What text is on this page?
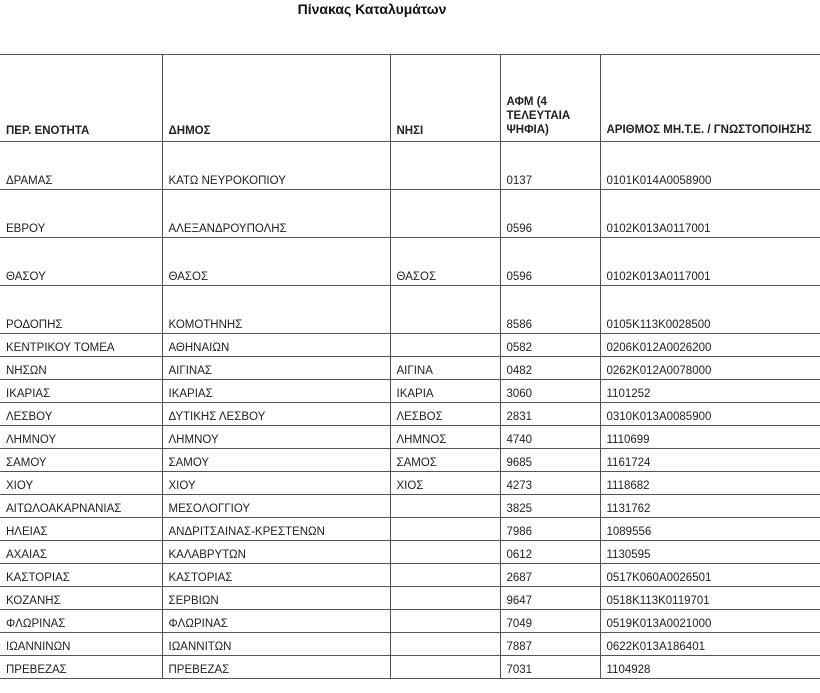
Πίνακας Καταλυμάτων
ΠΕΡ. ΕΝΟΤΗΤΑ	ΔΗΜΟΣ	ΝΗΣΙ	ΑΦΜ (4 ΤΕΛΕΥΤΑΙΑ ΨΗΦΙΑ)	ΑΡΙΘΜΟΣ ΜΗ.Τ.Ε. / ΓΝΩΣΤΟΠΟΙΗΣΗΣ
ΔΡΑΜΑΣ	ΚΑΤΩ ΝΕΥΡΟΚΟΠΙΟΥ		0137	0101K014A0058900
ΕΒΡΟΥ	ΑΛΕΞΑΝΔΡΟΥΠΟΛΗΣ		0596	0102K013A0117001
ΘΑΣΟΥ	ΘΑΣΟΣ	ΘΑΣΟΣ	0596	0102K013A0117001
ΡΟΔΟΠΗΣ	ΚΟΜΟΤΗΝΗΣ		8586	0105K113K0028500
ΚΕΝΤΡΙΚΟΥ ΤΟΜΕΑ	ΑΘΗΝΑΙΩΝ		0582	0206K012A0026200
ΝΗΣΩΝ	ΑΙΓΙΝΑΣ	ΑΙΓΙΝΑ	0482	0262K012A0078000
ΙΚΑΡΙΑΣ	ΙΚΑΡΙΑΣ	ΙΚΑΡΙΑ	3060	1101252
ΛΕΣΒΟΥ	ΔΥΤΙΚΗΣ ΛΕΣΒΟΥ	ΛΕΣΒΟΣ	2831	0310K013A0085900
ΛΗΜΝΟΥ	ΛΗΜΝΟΥ	ΛΗΜΝΟΣ	4740	1110699
ΣΑΜΟΥ	ΣΑΜΟΥ	ΣΑΜΟΣ	9685	1161724
ΧΙΟΥ	ΧΙΟΥ	ΧΙΟΣ	4273	1118682
ΑΙΤΩΛΟΑΚΑΡΝΑΝΙΑΣ	ΜΕΣΟΛΟΓΓΙΟΥ		3825	1131762
ΗΛΕΙΑΣ	ΑΝΔΡΙΤΣΑΙΝΑΣ-ΚΡΕΣΤΕΝΩΝ		7986	1089556
ΑΧΑΙΑΣ	ΚΑΛΑΒΡΥΤΩΝ		0612	1130595
ΚΑΣΤΟΡΙΑΣ	ΚΑΣΤΟΡΙΑΣ		2687	0517K060A0026501
ΚΟΖΑΝΗΣ	ΣΕΡΒΙΩΝ		9647	0518K113K0119701
ΦΛΩΡΙΝΑΣ	ΦΛΩΡΙΝΑΣ		7049	0519K013A0021000
ΙΩΑΝΝΙΝΩΝ	ΙΩΑΝΝΙΤΩΝ		7887	0622K013A186401
ΠΡΕΒΕΖΑΣ	ΠΡΕΒΕΖΑΣ		7031	1104928
